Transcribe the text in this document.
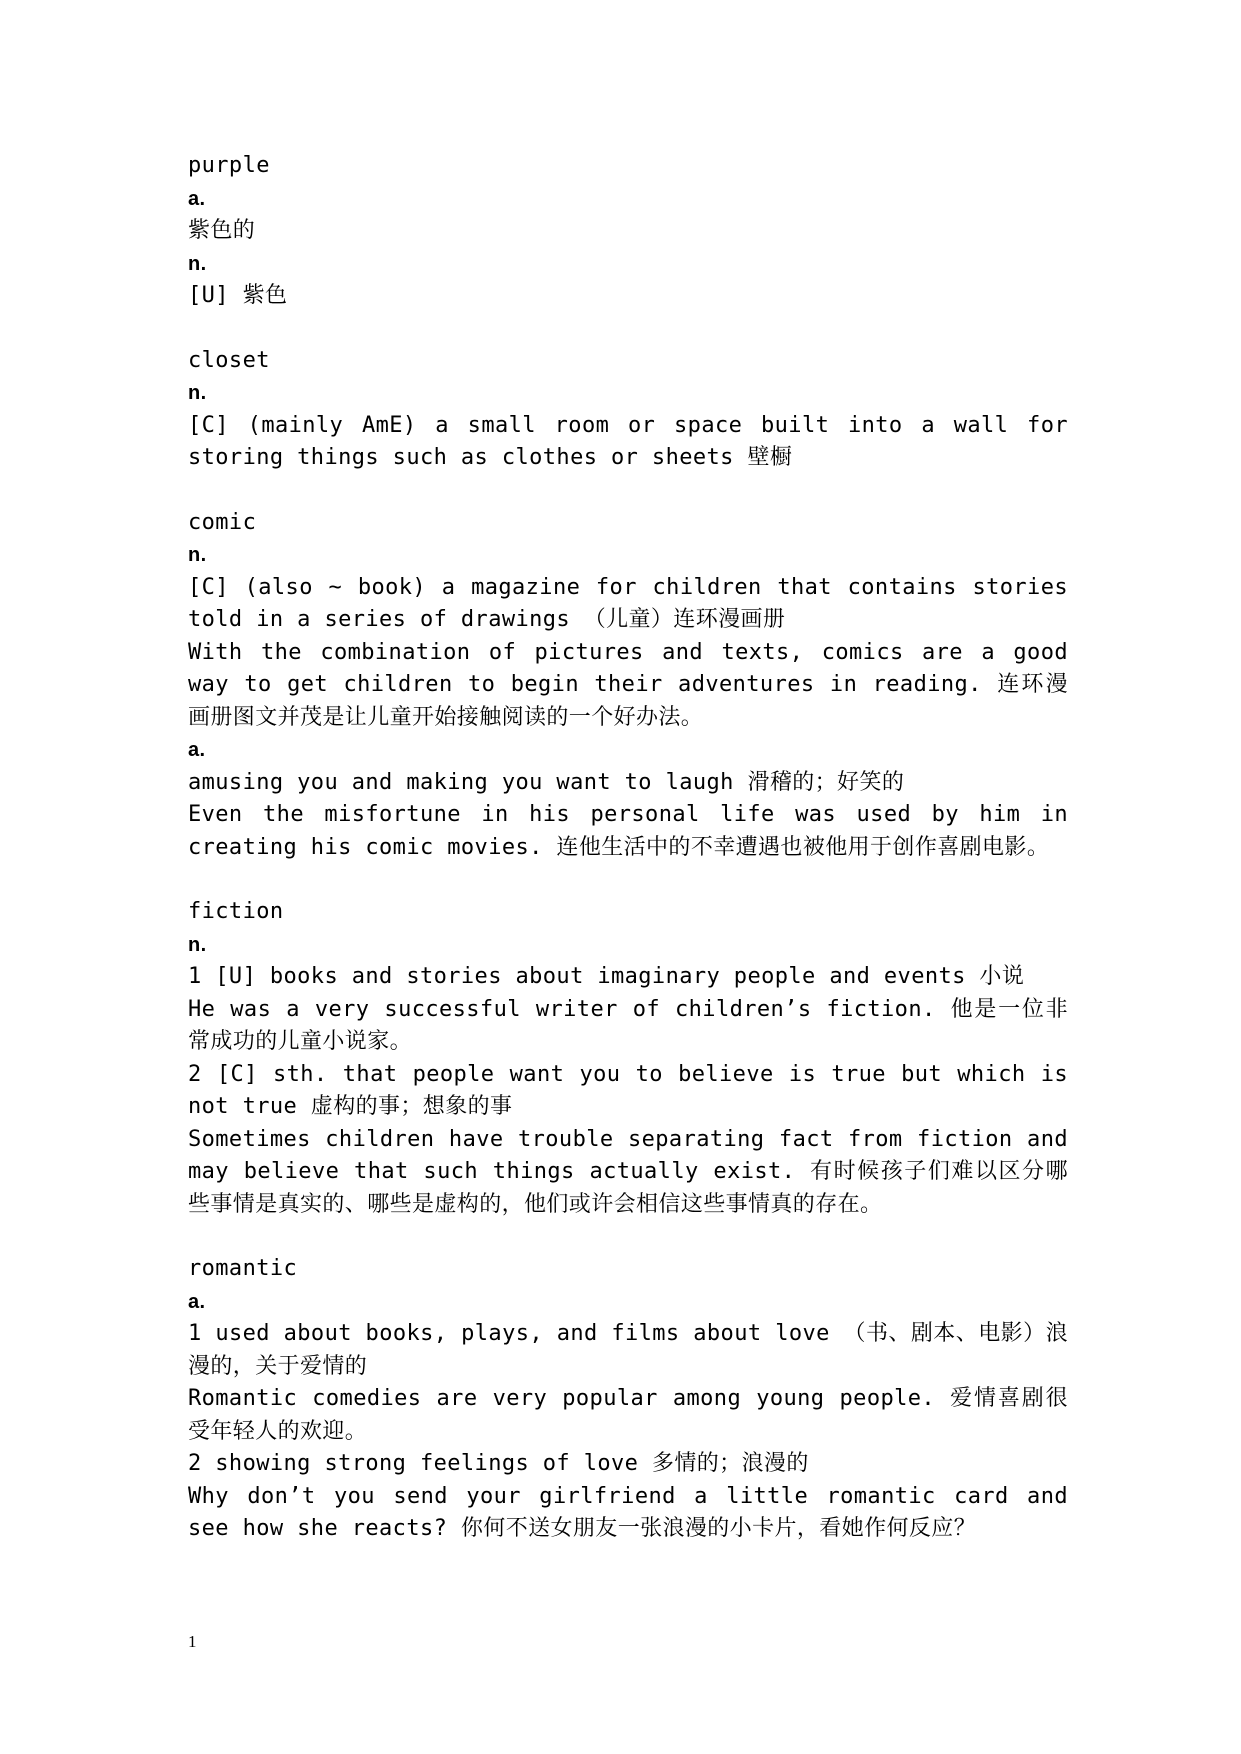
purple
a.
紫色的
n.
[U] 紫色
closet
n.
[C] (mainly AmE) a small room or space built into a wall for storing things such as clothes or sheets 壁橱
comic
n.
[C] (also ~ book) a magazine for children that contains stories told in a series of drawings （儿童）连环漫画册
With the combination of pictures and texts, comics are a good way to get children to begin their adventures in reading. 连环漫画册图文并茂是让儿童开始接触阅读的一个好办法。
a.
amusing you and making you want to laugh 滑稽的；好笑的
Even the misfortune in his personal life was used by him in creating his comic movies. 连他生活中的不幸遭遇也被他用于创作喜剧电影。
fiction
n.
1 [U] books and stories about imaginary people and events 小说
He was a very successful writer of children’s fiction. 他是一位非常成功的儿童小说家。
2 [C] sth. that people want you to believe is true but which is not true 虚构的事；想象的事
Sometimes children have trouble separating fact from fiction and may believe that such things actually exist. 有时候孩子们难以区分哪 些事情是真实的、哪些是虚构的，他们或许会相信这些事情真的存在。
romantic
a.
1 used about books, plays, and films about love （书、剧本、电影）浪漫的，关于爱情的
Romantic comedies are very popular among young people. 爱情喜剧很受年轻人的欢迎。
2 showing strong feelings of love 多情的；浪漫的
Why don’t you send your girlfriend a little romantic card and see how she reacts? 你何不送女朋友一张浪漫的小卡片，看她作何反应？
1
